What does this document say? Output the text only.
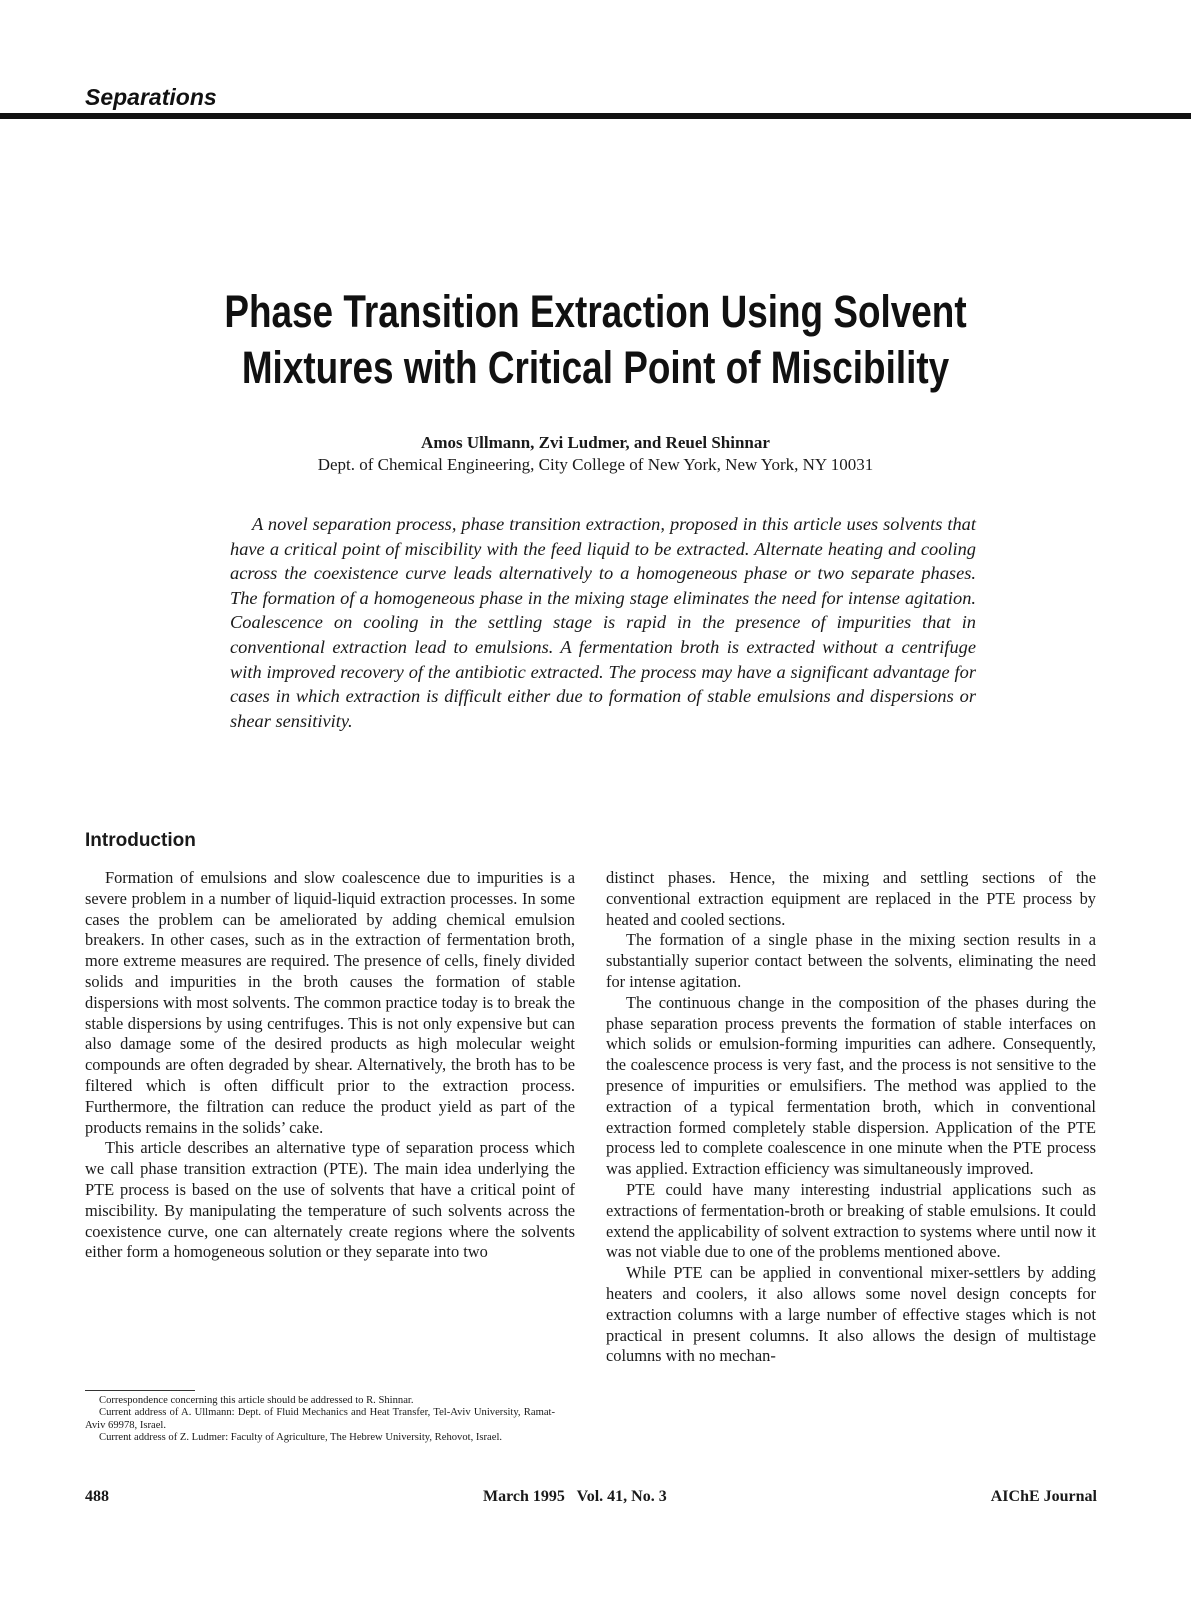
Separations
Phase Transition Extraction Using Solvent
Mixtures with Critical Point of Miscibility
Amos Ullmann, Zvi Ludmer, and Reuel Shinnar
Dept. of Chemical Engineering, City College of New York, New York, NY 10031

A novel separation process, phase transition extraction, proposed in this article uses solvents that have a critical point of miscibility with the feed liquid to be extracted. Alternate heating and cooling across the coexistence curve leads alternatively to a homogeneous phase or two separate phases. The formation of a homogeneous phase in the mixing stage eliminates the need for intense agitation. Coalescence on cooling in the settling stage is rapid in the presence of impurities that in conventional extraction lead to emulsions. A fermentation broth is extracted without a centrifuge with improved recovery of the antibiotic extracted. The process may have a significant advantage for cases in which extraction is difficult either due to formation of stable emulsions and dispersions or shear sensitivity.

Introduction

Formation of emulsions and slow coalescence due to impurities is a severe problem in a number of liquid-liquid extraction processes. In some cases the problem can be ameliorated by adding chemical emulsion breakers. In other cases, such as in the extraction of fermentation broth, more extreme measures are required. The presence of cells, finely divided solids and impurities in the broth causes the formation of stable dispersions with most solvents. The common practice today is to break the stable dispersions by using centrifuges. This is not only expensive but can also damage some of the desired products as high molecular weight compounds are often degraded by shear. Alternatively, the broth has to be filtered which is often difficult prior to the extraction process. Furthermore, the filtration can reduce the product yield as part of the products remains in the solids’ cake.

This article describes an alternative type of separation process which we call phase transition extraction (PTE). The main idea underlying the PTE process is based on the use of solvents that have a critical point of miscibility. By manipulating the temperature of such solvents across the coexistence curve, one can alternately create regions where the solvents either form a homogeneous solution or they separate into two

distinct phases. Hence, the mixing and settling sections of the conventional extraction equipment are replaced in the PTE process by heated and cooled sections.

The formation of a single phase in the mixing section results in a substantially superior contact between the solvents, eliminating the need for intense agitation.

The continuous change in the composition of the phases during the phase separation process prevents the formation of stable interfaces on which solids or emulsion-forming impurities can adhere. Consequently, the coalescence process is very fast, and the process is not sensitive to the presence of impurities or emulsifiers. The method was applied to the extraction of a typical fermentation broth, which in conventional extraction formed completely stable dispersion. Application of the PTE process led to complete coalescence in one minute when the PTE process was applied. Extraction efficiency was simultaneously improved.

PTE could have many interesting industrial applications such as extractions of fermentation-broth or breaking of stable emulsions. It could extend the applicability of solvent extraction to systems where until now it was not viable due to one of the problems mentioned above.

While PTE can be applied in conventional mixer-settlers by adding heaters and coolers, it also allows some novel design concepts for extraction columns with a large number of effective stages which is not practical in present columns. It also allows the design of multistage columns with no mechan-

Correspondence concerning this article should be addressed to R. Shinnar.

Current address of A. Ullmann: Dept. of Fluid Mechanics and Heat Transfer, Tel-Aviv University, Ramat-Aviv 69978, Israel.

Current address of Z. Ludmer: Faculty of Agriculture, The Hebrew University, Rehovot, Israel.

488	March 1995   Vol. 41, No. 3	AIChE Journal
